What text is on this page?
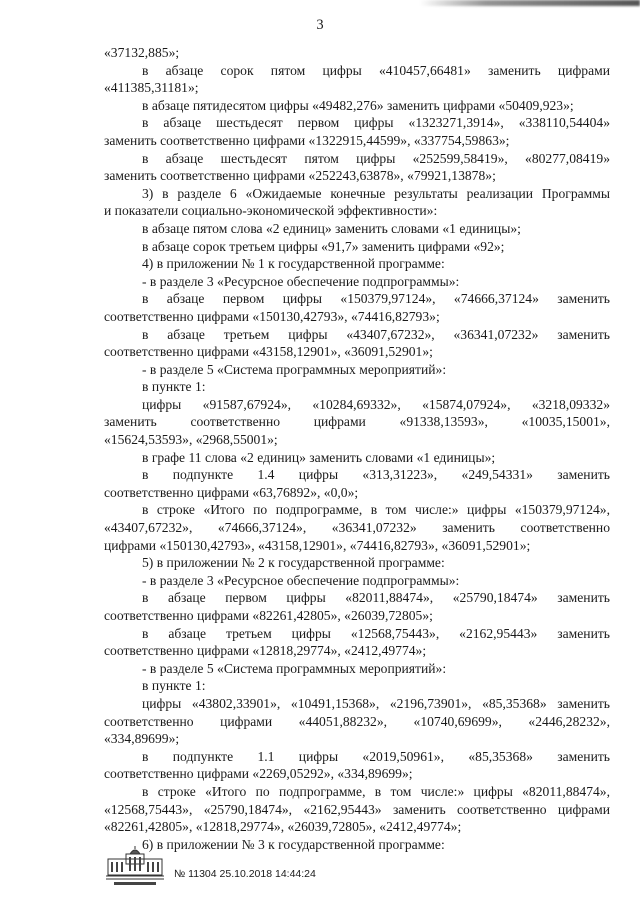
3
«37132,885»;
в абзаце сорок пятом цифры «410457,66481» заменить цифрами
«411385,31181»;
в абзаце пятидесятом цифры «49482,276» заменить цифрами «50409,923»;
в абзаце шестьдесят первом цифры «1323271,3914», «338110,54404»
заменить соответственно цифрами «1322915,44599», «337754,59863»;
в абзаце шестьдесят пятом цифры «252599,58419», «80277,08419»
заменить соответственно цифрами «252243,63878», «79921,13878»;
3) в разделе 6 «Ожидаемые конечные результаты реализации Программы
и показатели социально-экономической эффективности»:
в абзаце пятом слова «2 единиц» заменить словами «1 единицы»;
в абзаце сорок третьем цифры «91,7» заменить цифрами «92»;
4) в приложении № 1 к государственной программе:
- в разделе 3 «Ресурсное обеспечение подпрограммы»:
в абзаце первом цифры «150379,97124», «74666,37124» заменить
соответственно цифрами «150130,42793», «74416,82793»;
в абзаце третьем цифры «43407,67232», «36341,07232» заменить
соответственно цифрами «43158,12901», «36091,52901»;
- в разделе 5 «Система программных мероприятий»:
в пункте 1:
цифры «91587,67924», «10284,69332», «15874,07924», «3218,09332»
заменить соответственно цифрами «91338,13593», «10035,15001»,
«15624,53593», «2968,55001»;
в графе 11 слова «2 единиц» заменить словами «1 единицы»;
в подпункте 1.4 цифры «313,31223», «249,54331» заменить
соответственно цифрами «63,76892», «0,0»;
в строке «Итого по подпрограмме, в том числе:» цифры «150379,97124»,
«43407,67232», «74666,37124», «36341,07232» заменить соответственно
цифрами «150130,42793», «43158,12901», «74416,82793», «36091,52901»;
5) в приложении № 2 к государственной программе:
- в разделе 3 «Ресурсное обеспечение подпрограммы»:
в абзаце первом цифры «82011,88474», «25790,18474» заменить
соответственно цифрами «82261,42805», «26039,72805»;
в абзаце третьем цифры «12568,75443», «2162,95443» заменить
соответственно цифрами «12818,29774», «2412,49774»;
- в разделе 5 «Система программных мероприятий»:
в пункте 1:
цифры «43802,33901», «10491,15368», «2196,73901», «85,35368» заменить
соответственно цифрами «44051,88232», «10740,69699», «2446,28232»,
«334,89699»;
в подпункте 1.1 цифры «2019,50961», «85,35368» заменить
соответственно цифрами «2269,05292», «334,89699»;
в строке «Итого по подпрограмме, в том числе:» цифры «82011,88474»,
«12568,75443», «25790,18474», «2162,95443» заменить соответственно цифрами
«82261,42805», «12818,29774», «26039,72805», «2412,49774»;
6) в приложении № 3 к государственной программе:
№ 11304 25.10.2018 14:44:24
